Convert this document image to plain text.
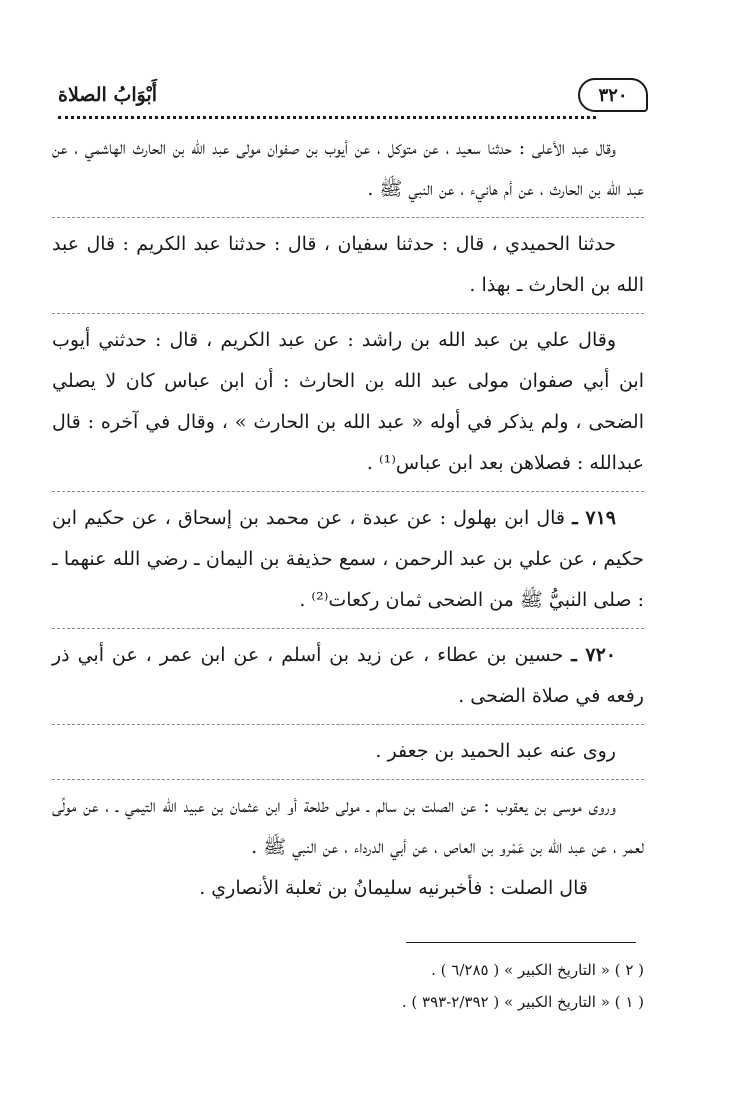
أَبْوَابُ الصلاة	٣٢٠

وقال عبد الأعلى : حدثنا سعيد ، عن متوكل ، عن أيوب بن صفوان مولى عبد الله بن الحارث الهاشمي ، عن عبد الله بن الحارث ، عن أم هانيء ، عن النبي ﷺ .

حدثنا الحميدي ، قال : حدثنا سفيان ، قال : حدثنا عبد الكريم : قال عبد الله بن الحارث ـ بهذا .

وقال علي بن عبد الله بن راشد : عن عبد الكريم ، قال : حدثني أيوب ابن أبي صفوان مولى عبد الله بن الحارث : أن ابن عباس كان لا يصلي الضحى ، ولم يذكر في أوله « عبد الله بن الحارث » ، وقال في آخره : قال عبدالله : فصلاهن بعد ابن عباس⁽¹⁾ .

٧١٩ ـ قال ابن بهلول : عن عبدة ، عن محمد بن إسحاق ، عن حكيم ابن حكيم ، عن علي بن عبد الرحمن ، سمع حذيفة بن اليمان ـ رضي الله عنهما ـ : صلى النبيُّ ﷺ من الضحى ثمان ركعات⁽²⁾ .

٧٢٠ ـ حسين بن عطاء ، عن زيد بن أسلم ، عن ابن عمر ، عن أبي ذر رفعه في صلاة الضحى .

روى عنه عبد الحميد بن جعفر .

وروى موسى بن يعقوب : عن الصلت بن سالم ـ مولى طلحة أو ابن عثمان بن عبيد الله التيمي ـ ، عن مولًى لعمر ، عن عبد الله بن عَمْرو بن العاص ، عن أبي الدرداء ، عن النبي ﷺ .

قال الصلت : فأخبرنيه سليمانُ بن ثعلبة الأنصاري .

( ٢ ) « التاريخ الكبير » ( ٦/٢٨٥ ) .

( ١ ) « التاريخ الكبير » ( ٢/٣٩٢-٣٩٣ ) .
